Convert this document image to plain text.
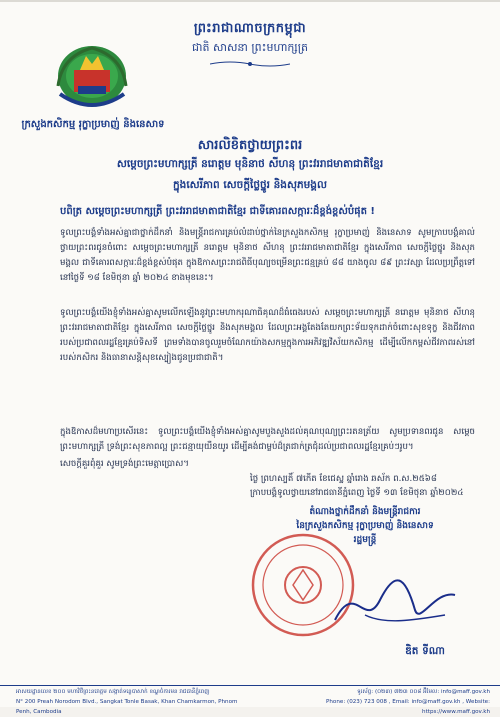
ព្រះរាជាណាចក្រកម្ពុជា
ជាតិ សាសនា ព្រះមហាក្សត្រ
ក្រសួងកសិកម្ម រុក្ខាប្រមាញ់ និងនេសាទ
សារលិខិតថ្វាយព្រះពរ
សម្តេចព្រះមហាក្សត្រី នរោត្តម មុនិនាថ សីហនុ ព្រះវររាជមាតាជាតិខ្មែរ
ក្នុងសេរីភាព សេចក្តីថ្លៃថ្នូរ និងសុភមង្គល
បពិត្រ សម្តេចព្រះមហាក្សត្រី ព្រះវររាជមាតាជាតិខ្មែរ ជាទីគោរពសក្ការៈដ៏ខ្ពង់ខ្ពស់បំផុត !
ទូលព្រះបង្គំទាំងអស់គ្នាជាថ្នាក់ដឹកនាំ និងមន្ត្រីរាជការគ្រប់លំដាប់ថ្នាក់នៃក្រសួងកសិកម្ម រុក្ខាប្រមាញ់ និងនេសាទ សូមក្រាបបង្គំគាល់ថ្វាយព្រះពរជូនចំពោះ សម្តេចព្រះមហាក្សត្រី នរោត្តម មុនិនាថ សីហនុ ព្រះវររាជមាតាជាតិខ្មែរ ក្នុងសេរីភាព សេចក្តីថ្លៃថ្នូរ និងសុភមង្គល ជាទីគោរពសក្ការៈដ៏ខ្ពង់ខ្ពស់បំផុត ក្នុងឱកាសព្រះរាជពិធីបុណ្យចម្រើនព្រះជន្មគ្រប់ ៨៨ យាងចូល ៨៩ ព្រះវស្សា ដែលប្រព្រឹត្តទៅនៅថ្ងៃទី ១៨ ខែមិថុនា ឆ្នាំ ២០២៤ ខាងមុខនេះ។
ទូលព្រះបង្គំយើងខ្ញុំទាំងអស់គ្នាសូមលើកឡើងនូវព្រះមហាករុណាធិគុណដ៏ធំធេងរបស់ សម្តេចព្រះមហាក្សត្រី នរោត្តម មុនិនាថ សីហនុ ព្រះវររាជមាតាជាតិខ្មែរ ក្នុងសេរីភាព សេចក្តីថ្លៃថ្នូរ និងសុភមង្គល ដែលព្រះអង្គតែងតែយកព្រះទ័យទុកដាក់ចំពោះសុខទុក្ខ និងជីវភាពរបស់ប្រជាពលរដ្ឋខ្មែរគ្រប់ទិសទី ព្រមទាំងបានចូលរួមចំណែកយ៉ាងសកម្មក្នុងការអភិវឌ្ឍវិស័យកសិកម្ម ដើម្បីលើកកម្ពស់ជីវភាពរស់នៅរបស់កសិករ និងធានាសន្តិសុខស្បៀងជូនប្រជាជាតិ។
ក្នុងឱកាសដ៏មហាប្រសើរនេះ ទូលព្រះបង្គំយើងខ្ញុំទាំងអស់គ្នាសូមបួងសួងដល់គុណបុណ្យព្រះរតនត្រ័យ សូមប្រទានពរជូន សម្តេចព្រះមហាក្សត្រី ទ្រង់ព្រះសុខភាពល្អ ព្រះជន្មាយុយឺនយូរ ដើម្បីគង់ជាម្លប់ដ៏ត្រជាក់ត្រជុំដល់ប្រជាពលរដ្ឋខ្មែរគ្រប់ៗរូប។
សេចក្តីគួរពុំគួរ សូមទ្រង់ព្រះមេត្តាប្រោស។
ថ្ងៃ ព្រហស្បតិ៍ ៧កើត ខែជេស្ឋ ឆ្នាំរោង ឆស័ក ព.ស.២៥៦៨
ក្រាបបង្គំទូលថ្វាយនៅរាជធានីភ្នំពេញ ថ្ងៃទី ១៣ ខែមិថុនា ឆ្នាំ២០២៤
តំណាងថ្នាក់ដឹកនាំ និងមន្ត្រីរាជការ
នៃក្រសួងកសិកម្ម រុក្ខាប្រមាញ់ និងនេសាទ
រដ្ឋមន្ត្រី
ឌិត ទីណា
អាសយដ្ឋានលេខ ២០០ មហាវិថីព្រះនរោត្តម សង្កាត់ទន្លេបាសាក់ ខណ្ឌចំការមន រាជធានីភ្នំពេញ
N° 200 Preah Norodom Blvd., Sangkat Tonle Basak, Khan Chamkarmon, Phnom Penh, Cambodia
ទូរស័ព្ទ: (០២៣) ៧២៣ ០០៨ អ៊ីមែល: info@maff.gov.kh
Phone: (023) 723 008 , Email: info@maff.gov.kh , Website: https://www.maff.gov.kh
